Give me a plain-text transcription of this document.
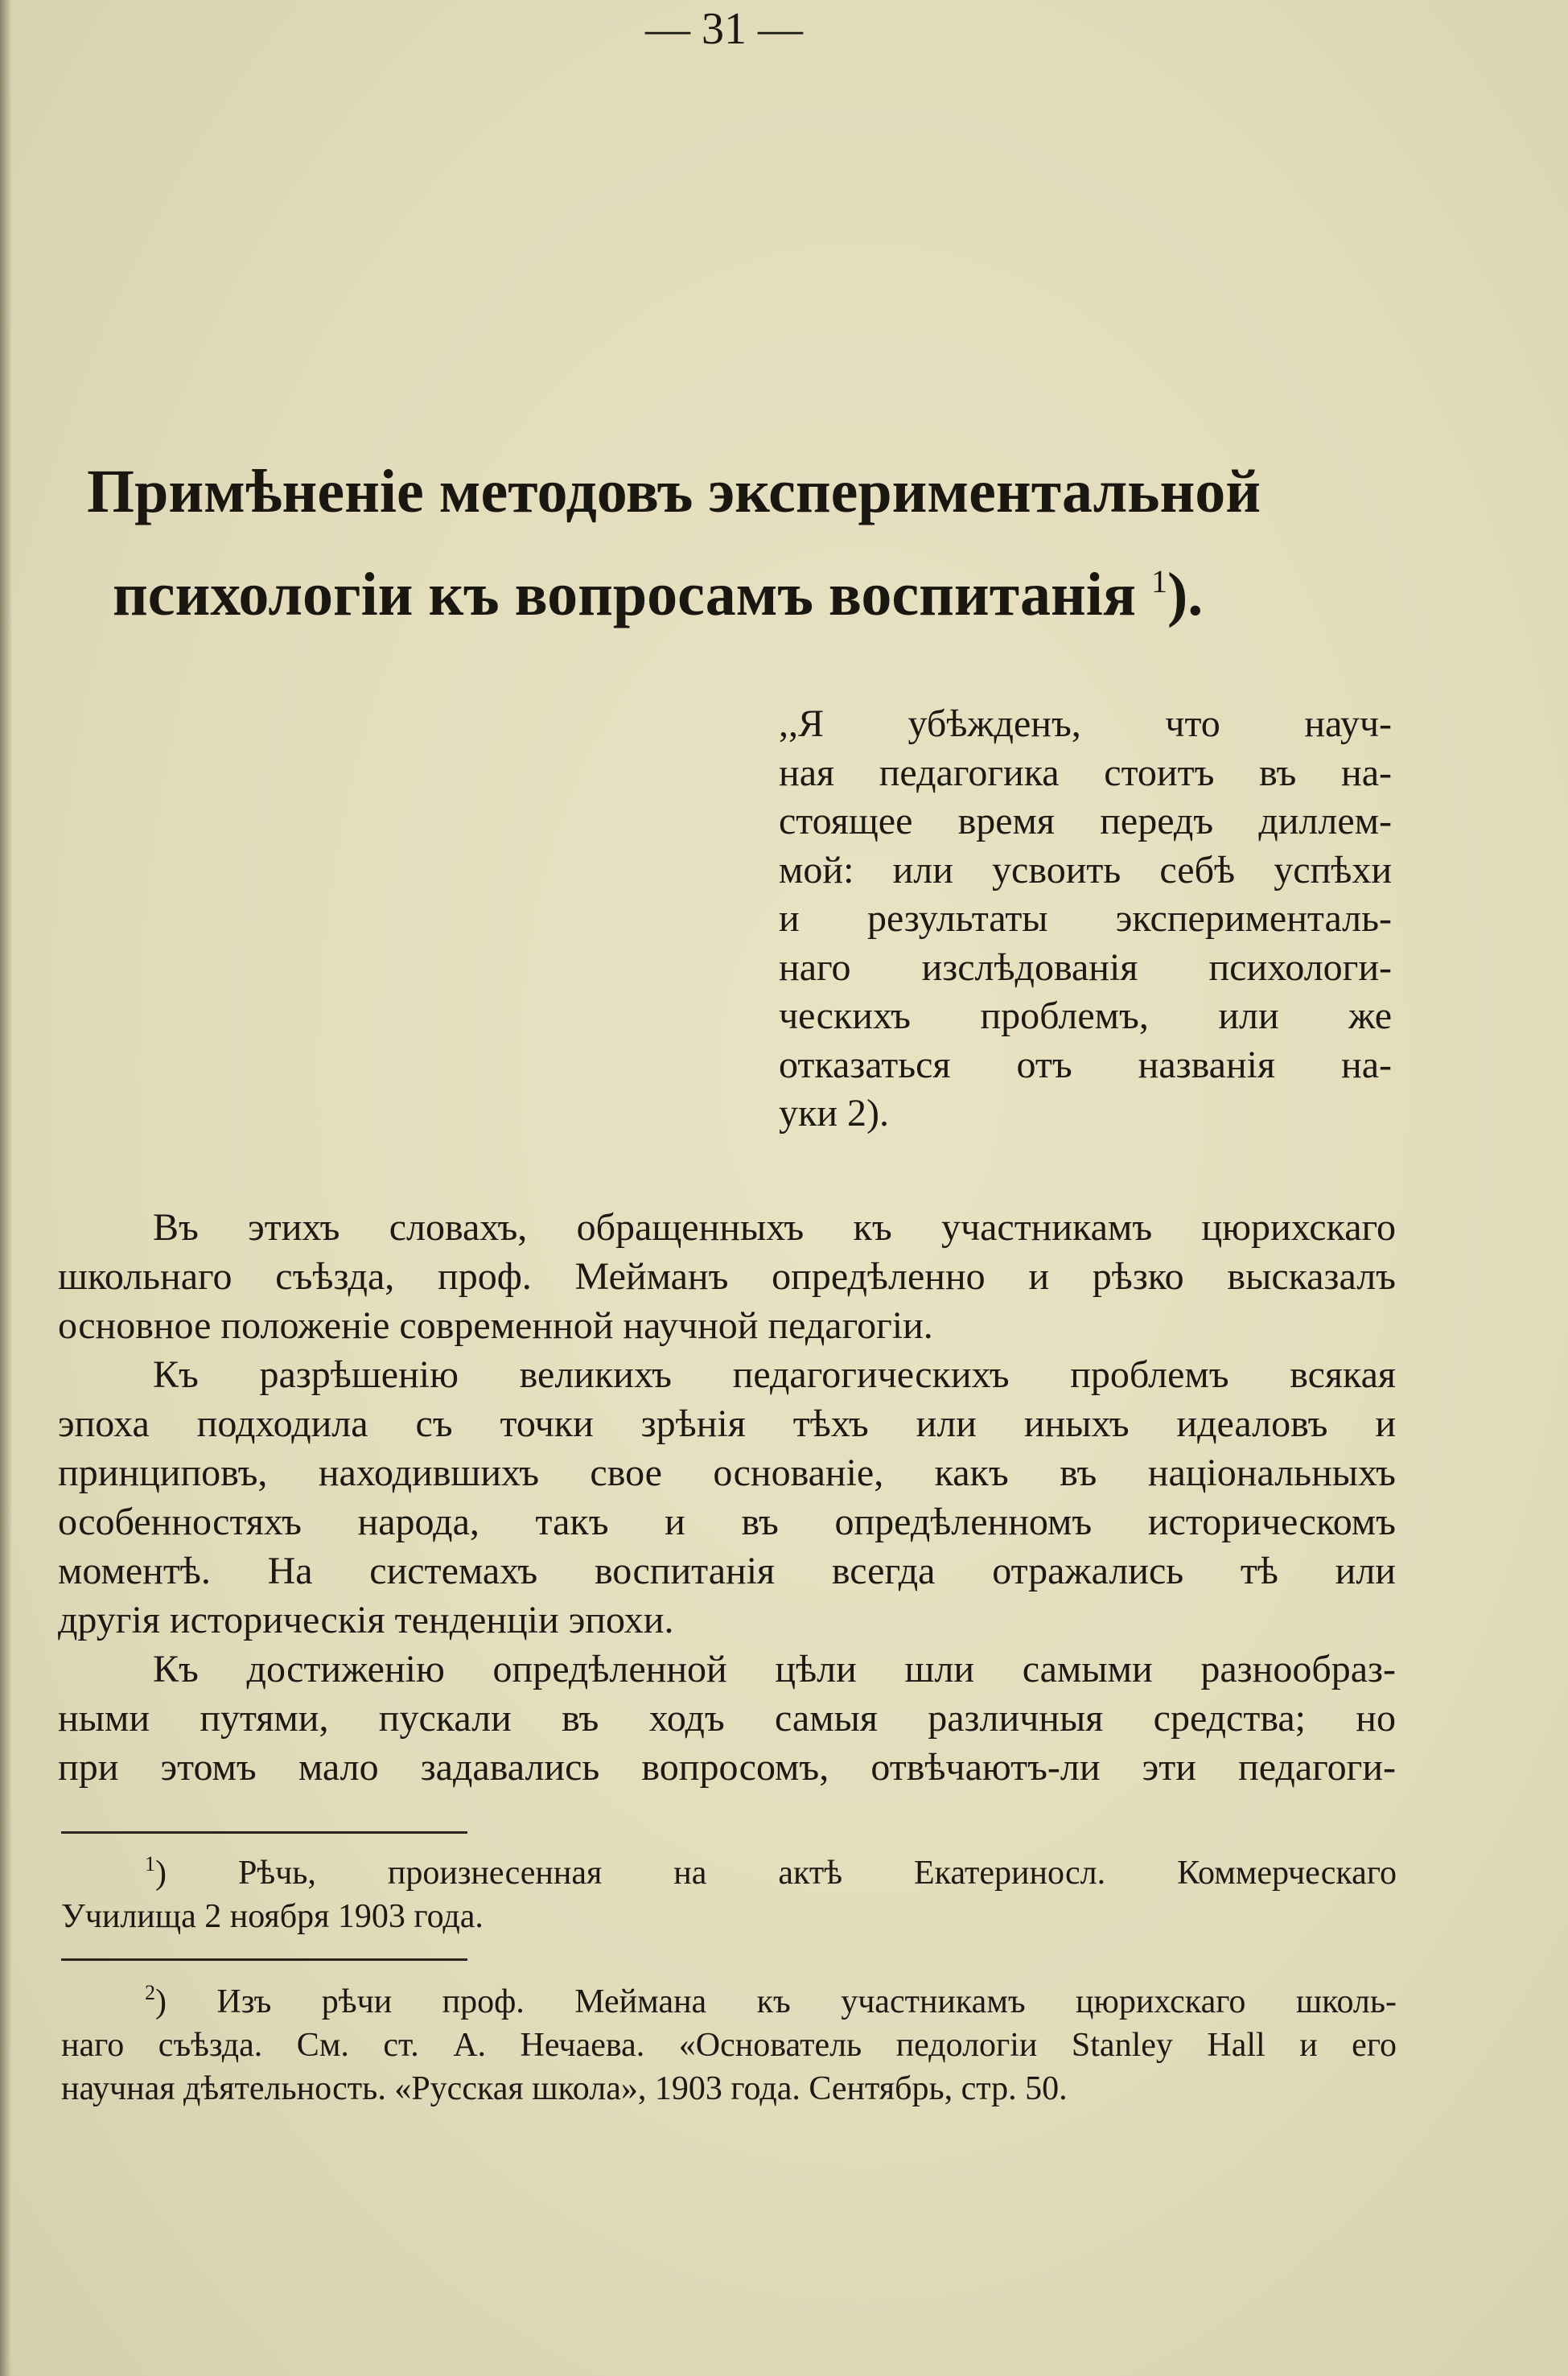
— 31 —
Примѣненіе методовъ экспериментальной
психологіи къ вопросамъ воспитанія $^1$).
,,Я убѣжденъ, что науч-
ная педагогика стоитъ въ на-
стоящее время передъ диллем-
мой: или усвоить себѣ успѣхи
и результаты эксперименталь-
наго изслѣдованія психологи-
ческихъ проблемъ, или же
отказаться отъ названія на-
уки 2).
Въ этихъ словахъ, обращенныхъ къ участникамъ цюрихскаго
школьнаго съѣзда, проф. Мейманъ опредѣленно и рѣзко высказалъ
основное положеніе современной научной педагогіи.
Къ разрѣшенію великихъ педагогическихъ проблемъ всякая
эпоха подходила съ точки зрѣнія тѣхъ или иныхъ идеаловъ и
принциповъ, находившихъ свое основаніе, какъ въ національныхъ
особенностяхъ народа, такъ и въ опредѣленномъ историческомъ
моментѣ. На системахъ воспитанія всегда отражались тѣ или
другія историческія тенденціи эпохи.
Къ достиженію опредѣленной цѣли шли самыми разнообраз-
ными путями, пускали въ ходъ самыя различныя средства; но
при этомъ мало задавались вопросомъ, отвѣчаютъ-ли эти педагоги-
$^1$) Рѣчь, произнесенная на актѣ Екатериносл. Коммерческаго
Училища 2 ноября 1903 года.
$^2$) Изъ рѣчи проф. Меймана къ участникамъ цюрихскаго школь-
наго съѣзда. См. ст. А. Нечаева. «Основатель педологіи Stanley Hall и его
научная дѣятельность. «Русская школа», 1903 года. Сентябрь, стр. 50.
